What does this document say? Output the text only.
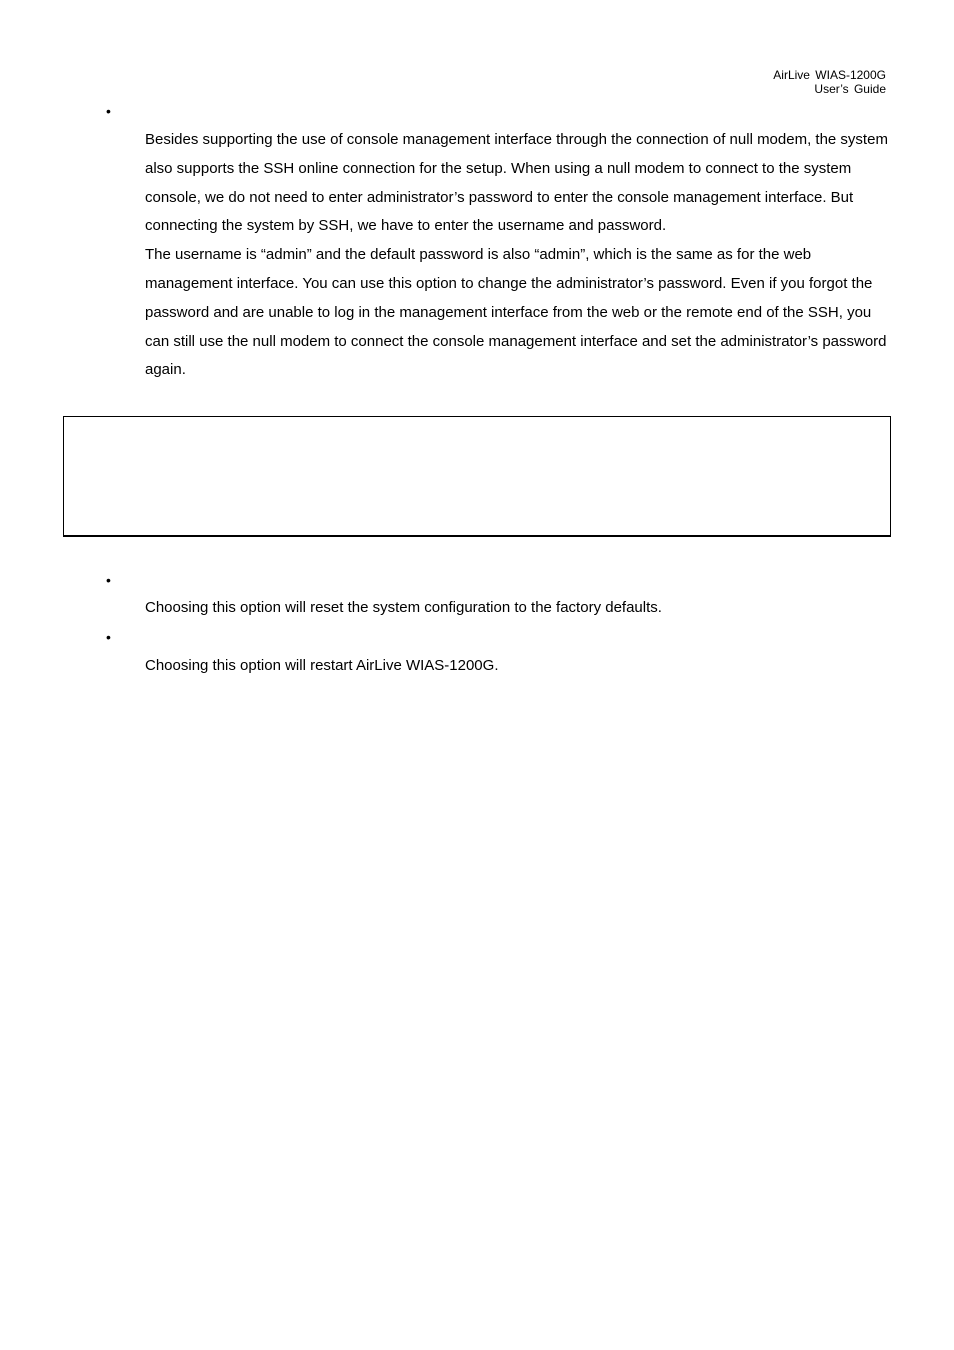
AirLive WIAS-1200G
User’s Guide
•

Besides supporting the use of console management interface through the connection of null modem, the system also supports the SSH online connection for the setup. When using a null modem to connect to the system console, we do not need to enter administrator’s password to enter the console management interface. But connecting the system by SSH, we have to enter the username and password.

The username is “admin” and the default password is also “admin”, which is the same as for the web management interface. You can use this option to change the administrator’s password. Even if you forgot the password and are unable to log in the management interface from the web or the remote end of the SSH, you can still use the null modem to connect the console management interface and set the administrator’s password again.

•

Choosing this option will reset the system configuration to the factory defaults.

•

Choosing this option will restart AirLive WIAS-1200G.
